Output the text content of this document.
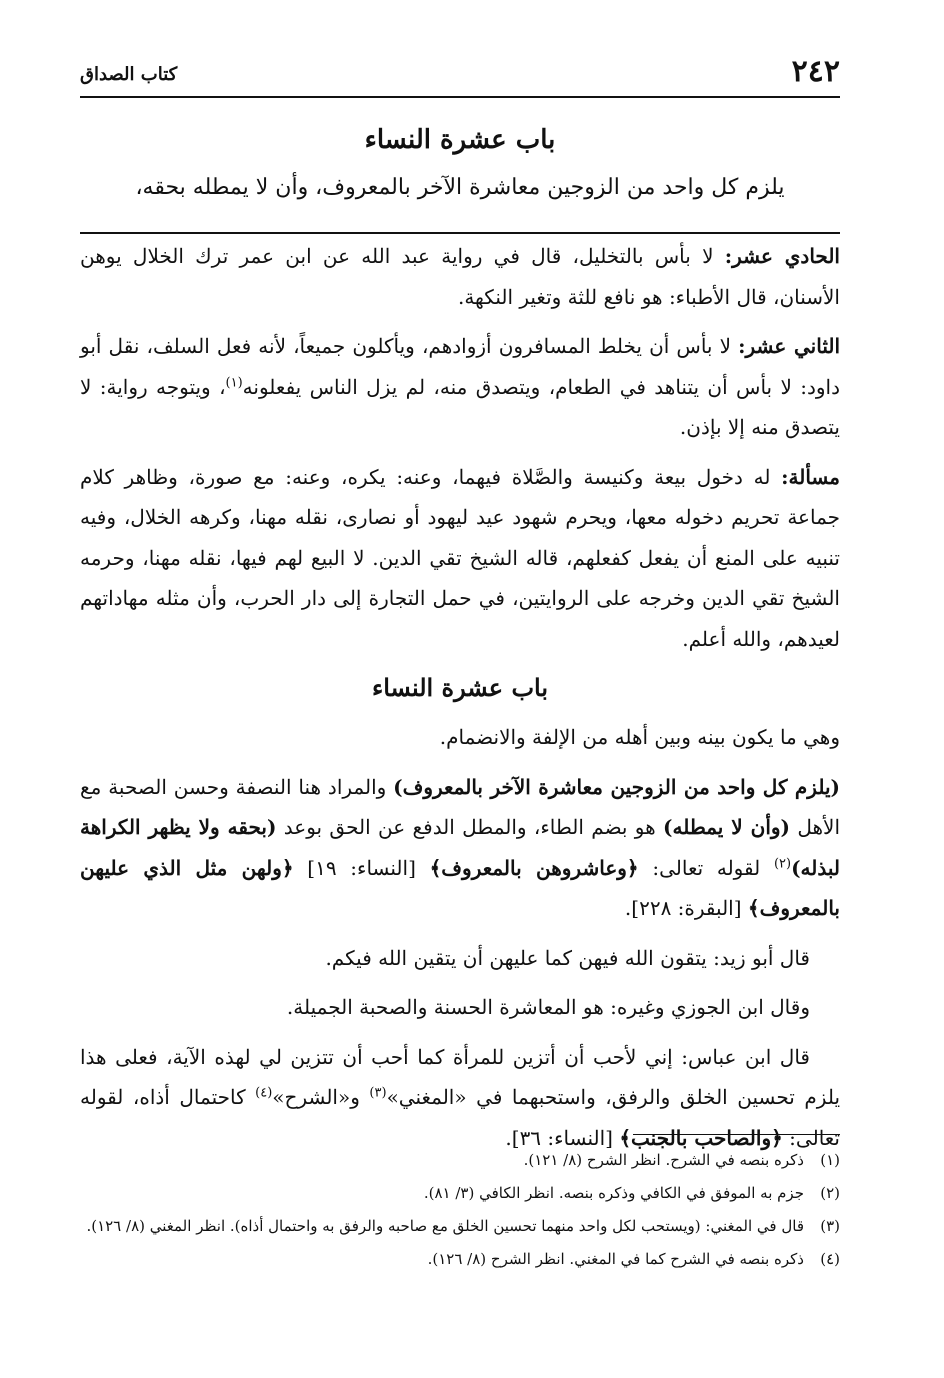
٢٤٢
كتاب الصداق
باب عشرة النساء
يلزم كل واحد من الزوجين معاشرة الآخر بالمعروف، وأن لا يمطله بحقه،

الحادي عشر: لا بأس بالتخليل، قال في رواية عبد الله عن ابن عمر ترك الخلال يوهن الأسنان، قال الأطباء: هو نافع للثة وتغير النكهة.

الثاني عشر: لا بأس أن يخلط المسافرون أزوادهم، ويأكلون جميعاً، لأنه فعل السلف، نقل أبو داود: لا بأس أن يتناهد في الطعام، ويتصدق منه، لم يزل الناس يفعلونه$^{(١)}$، ويتوجه رواية: لا يتصدق منه إلا بإذن.

مسألة: له دخول بيعة وكنيسة والصَّلاة فيهما، وعنه: يكره، وعنه: مع صورة، وظاهر كلام جماعة تحريم دخوله معها، ويحرم شهود عيد ليهود أو نصارى، نقله مهنا، وكرهه الخلال، وفيه تنبيه على المنع أن يفعل كفعلهم، قاله الشيخ تقي الدين. لا البيع لهم فيها، نقله مهنا، وحرمه الشيخ تقي الدين وخرجه على الروايتين، في حمل التجارة إلى دار الحرب، وأن مثله مهاداتهم لعيدهم، والله أعلم.

باب عشرة النساء

وهي ما يكون بينه وبين أهله من الإلفة والانضمام.

(يلزم كل واحد من الزوجين معاشرة الآخر بالمعروف) والمراد هنا النصفة وحسن الصحبة مع الأهل (وأن لا يمطله) هو بضم الطاء، والمطل الدفع عن الحق بوعد (بحقه ولا يظهر الكراهة لبذله)$^{(٢)}$ لقوله تعالى: ﴿وعاشروهن بالمعروف﴾ [النساء: ١٩] ﴿ولهن مثل الذي عليهن بالمعروف﴾ [البقرة: ٢٢٨].

قال أبو زيد: يتقون الله فيهن كما عليهن أن يتقين الله فيكم.

وقال ابن الجوزي وغيره: هو المعاشرة الحسنة والصحبة الجميلة.

قال ابن عباس: إني لأحب أن أتزين للمرأة كما أحب أن تتزين لي لهذه الآية، فعلى هذا يلزم تحسين الخلق والرفق، واستحبهما في «المغني»$^{(٣)}$ و«الشرح»$^{(٤)}$ كاحتمال أذاه، لقوله تعالى: ﴿والصاحب بالجنب﴾ [النساء: ٣٦].

(١)
ذكره بنصه في الشرح. انظر الشرح (٨/ ١٢١).
(٢)
جزم به الموفق في الكافي وذكره بنصه. انظر الكافي (٣/ ٨١).
(٣)
قال في المغني: (ويستحب لكل واحد منهما تحسين الخلق مع صاحبه والرفق به واحتمال أذاه). انظر المغني (٨/ ١٢٦).
(٤)
ذكره بنصه في الشرح كما في المغني. انظر الشرح (٨/ ١٢٦).
